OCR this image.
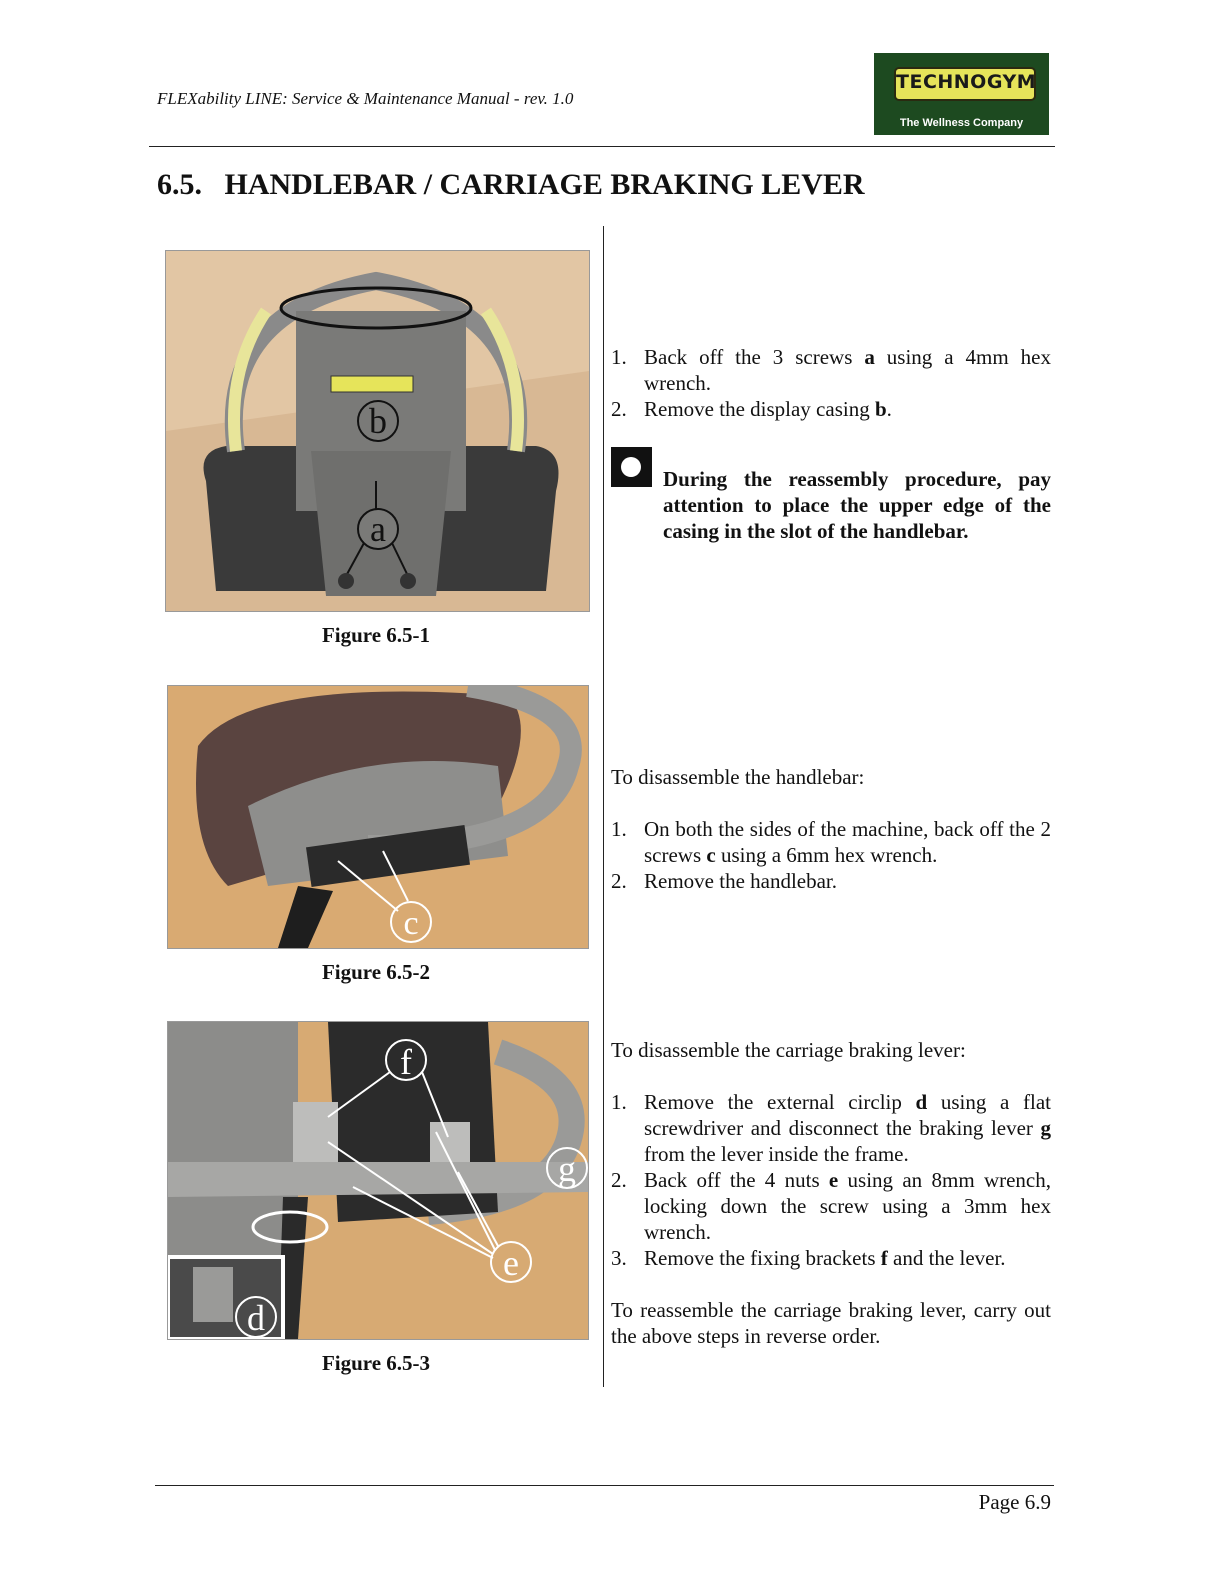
FLEXability LINE: Service & Maintenance Manual - rev. 1.0
TECHNOGYM
The Wellness Company
6.5.   HANDLEBAR / CARRIAGE BRAKING LEVER
b
a
Figure 6.5-1
c
Figure 6.5-2
f
g
e
d
Figure 6.5-3
1. Back off the 3 screws a using a 4mm hex wrench.
2. Remove the display casing b.
During the reassembly procedure, pay attention to place the upper edge of the casing in the slot of the handlebar.
To disassemble the handlebar:
1. On both the sides of the machine, back off the 2 screws c using a 6mm hex wrench.
2. Remove the handlebar.
To disassemble the carriage braking lever:
1. Remove the external circlip d using a flat screwdriver and disconnect the braking lever g from the lever inside the frame.
2. Back off the 4 nuts e using an 8mm wrench, locking down the screw using a 3mm hex wrench.
3. Remove the fixing brackets f and the lever.
To reassemble the carriage braking lever, carry out the above steps in reverse order.
Page 6.9
